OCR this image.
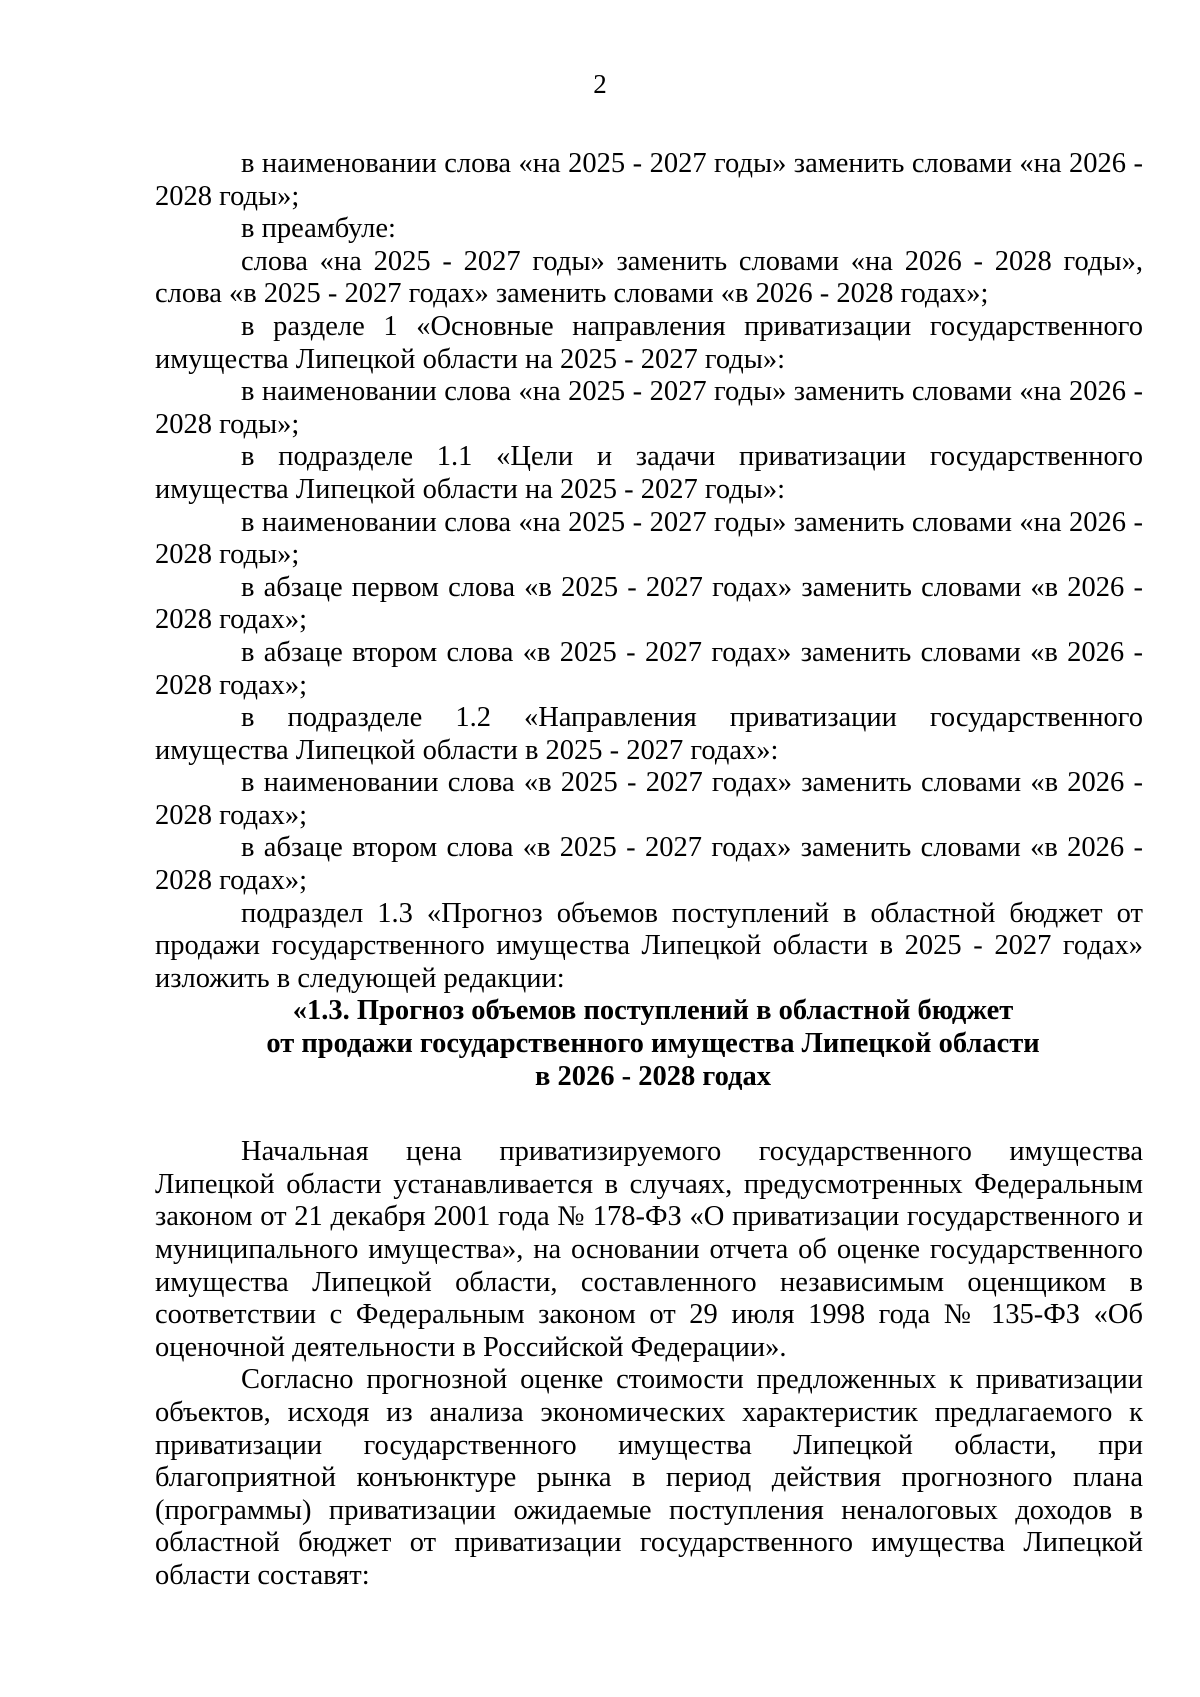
2

в наименовании слова «на 2025 - 2027 годы» заменить словами «на 2026 - 2028 годы»;

в преамбуле:

слова «на 2025 - 2027 годы» заменить словами «на 2026 - 2028 годы», слова «в 2025 - 2027 годах» заменить словами «в 2026 - 2028 годах»;

в разделе 1 «Основные направления приватизации государственного имущества Липецкой области на 2025 - 2027 годы»:

в наименовании слова «на 2025 - 2027 годы» заменить словами «на 2026 - 2028 годы»;

в подразделе 1.1 «Цели и задачи приватизации государственного имущества Липецкой области на 2025 - 2027 годы»:

в наименовании слова «на 2025 - 2027 годы» заменить словами «на 2026 - 2028 годы»;

в абзаце первом слова «в 2025 - 2027 годах» заменить словами «в 2026 - 2028 годах»;

в абзаце втором слова «в 2025 - 2027 годах» заменить словами «в 2026 - 2028 годах»;

в подразделе 1.2 «Направления приватизации государственного имущества Липецкой области в 2025 - 2027 годах»:

в наименовании слова «в 2025 - 2027 годах» заменить словами «в 2026 - 2028 годах»;

в абзаце втором слова «в 2025 - 2027 годах» заменить словами «в 2026 - 2028 годах»;

подраздел 1.3 «Прогноз объемов поступлений в областной бюджет от продажи государственного имущества Липецкой области в 2025 - 2027 годах» изложить в следующей редакции:

«1.3. Прогноз объемов поступлений в областной бюджет
от продажи государственного имущества Липецкой области
в 2026 - 2028 годах

Начальная цена приватизируемого государственного имущества Липецкой области устанавливается в случаях, предусмотренных Федеральным законом от 21 декабря 2001 года № 178-ФЗ «О приватизации государственного и муниципального имущества», на основании отчета об оценке государственного имущества Липецкой области, составленного независимым оценщиком в соответствии с Федеральным законом от 29 июля 1998 года № 135-ФЗ «Об оценочной деятельности в Российской Федерации».

Согласно прогнозной оценке стоимости предложенных к приватизации объектов, исходя из анализа экономических характеристик предлагаемого к приватизации государственного имущества Липецкой области, при благоприятной конъюнктуре рынка в период действия прогнозного плана (программы) приватизации ожидаемые поступления неналоговых доходов в областной бюджет от приватизации государственного имущества Липецкой области составят:
